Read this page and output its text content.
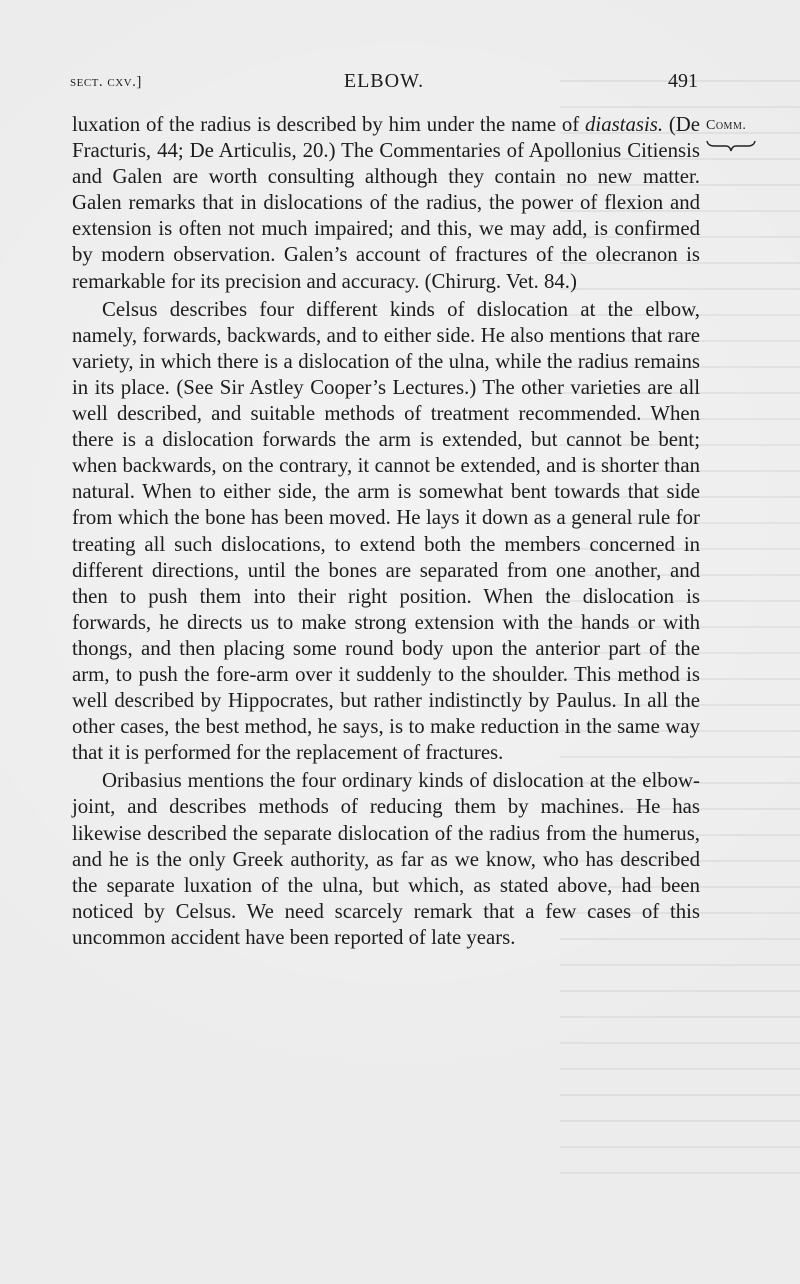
sect. cxv.]	ELBOW.	491
Comm.

luxation of the radius is described by him under the name of diastasis. (De Fracturis, 44; De Articulis, 20.) The Commentaries of Apollonius Citiensis and Galen are worth consulting although they contain no new matter. Galen remarks that in dislocations of the radius, the power of flexion and extension is often not much impaired; and this, we may add, is confirmed by modern observation. Galen’s account of fractures of the olecranon is remarkable for its precision and accuracy. (Chirurg. Vet. 84.)

Celsus describes four different kinds of dislocation at the elbow, namely, forwards, backwards, and to either side. He also mentions that rare variety, in which there is a dislocation of the ulna, while the radius remains in its place. (See Sir Astley Cooper’s Lectures.) The other varieties are all well described, and suitable methods of treatment recommended. When there is a dislocation forwards the arm is extended, but cannot be bent; when backwards, on the contrary, it cannot be extended, and is shorter than natural. When to either side, the arm is somewhat bent towards that side from which the bone has been moved. He lays it down as a general rule for treating all such dislocations, to extend both the members concerned in different directions, until the bones are separated from one another, and then to push them into their right position. When the dislocation is forwards, he directs us to make strong extension with the hands or with thongs, and then placing some round body upon the anterior part of the arm, to push the fore-arm over it suddenly to the shoulder. This method is well described by Hippocrates, but rather indistinctly by Paulus. In all the other cases, the best method, he says, is to make reduction in the same way that it is performed for the replacement of fractures.

Oribasius mentions the four ordinary kinds of dislocation at the elbow-joint, and describes methods of reducing them by machines. He has likewise described the separate dislocation of the radius from the humerus, and he is the only Greek authority, as far as we know, who has described the separate luxation of the ulna, but which, as stated above, had been noticed by Celsus. We need scarcely remark that a few cases of this uncommon accident have been reported of late years.
